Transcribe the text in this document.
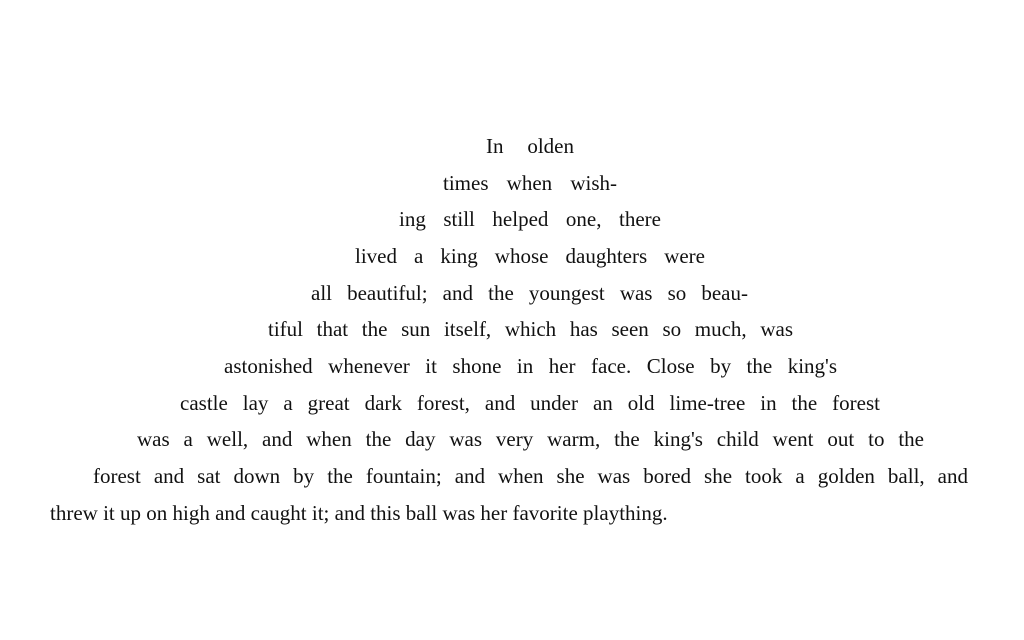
In olden

times when wish-

ing still helped one, there

lived a king whose daughters were

all beautiful; and the youngest was so beau-

tiful that the sun itself, which has seen so much, was

astonished whenever it shone in her face. Close by the king's

castle lay a great dark forest, and under an old lime-tree in the forest

was a well, and when the day was very warm, the king's child went out to the

forest and sat down by the fountain; and when she was bored she took a golden ball, and

threw it up on high and caught it; and this ball was her favorite plaything.
